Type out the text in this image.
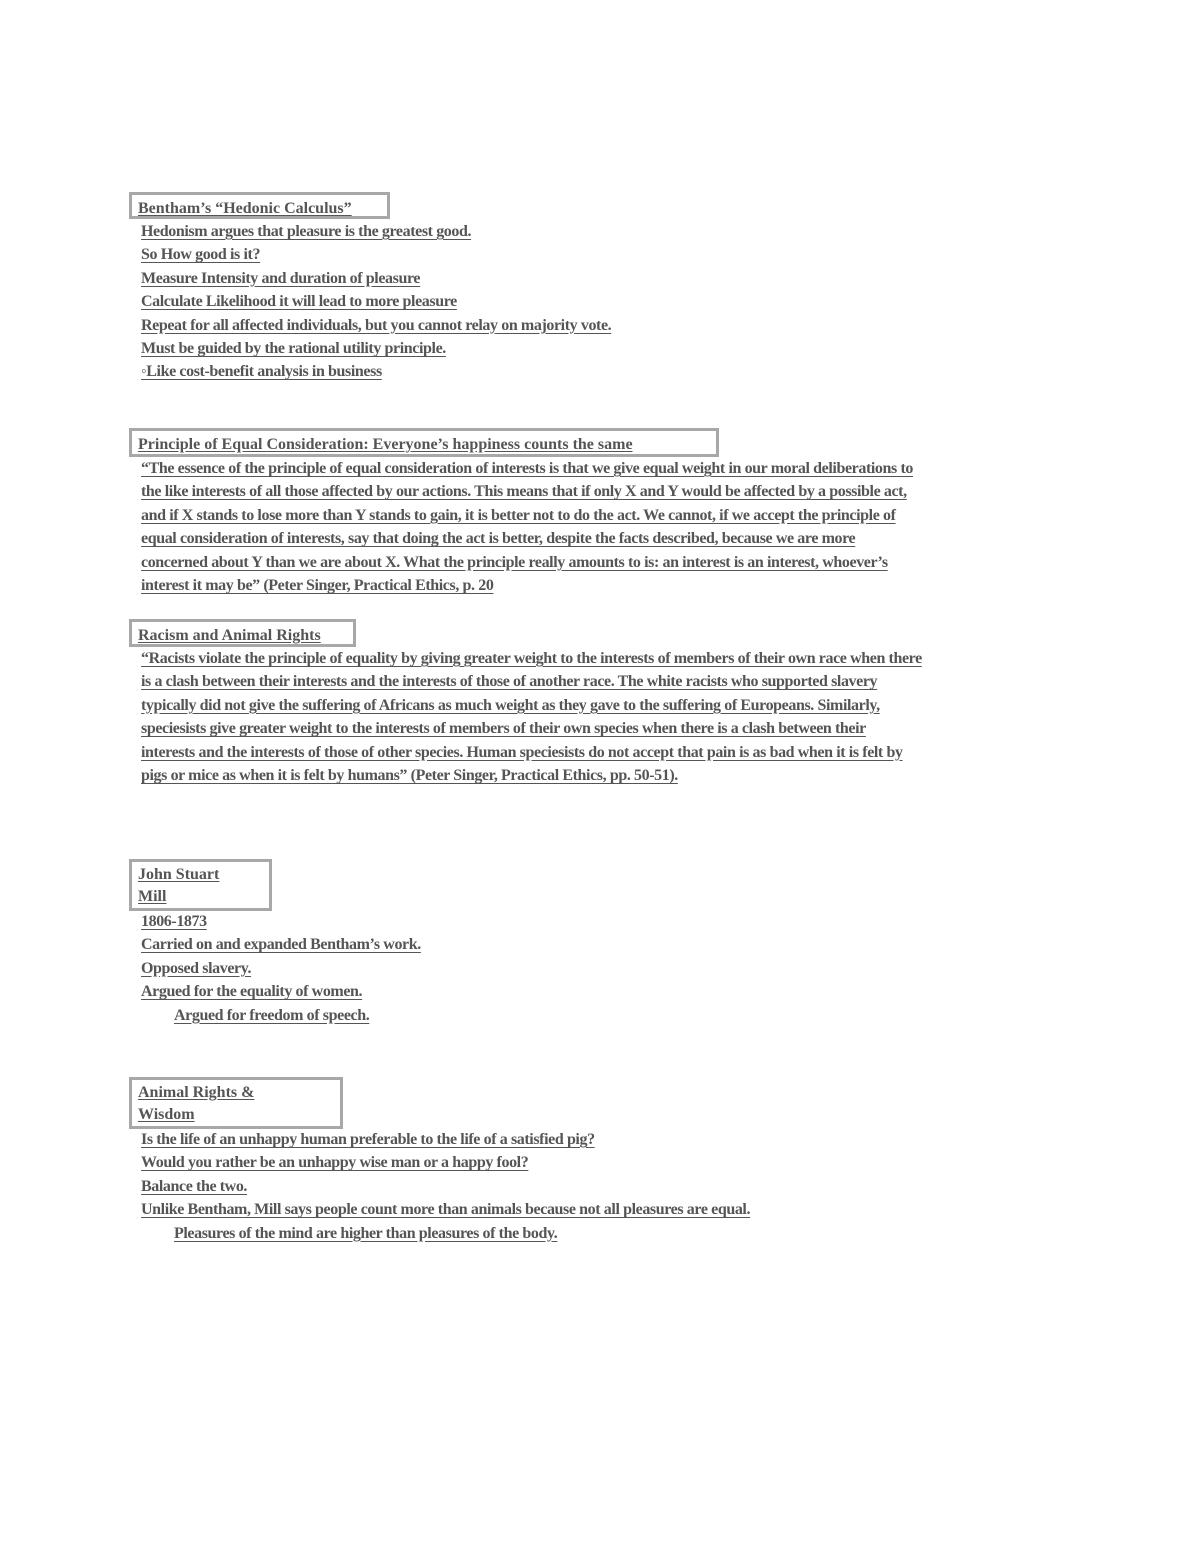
Bentham’s “Hedonic Calculus”
Hedonism argues that pleasure is the greatest good.
So How good is it?
Measure Intensity and duration of pleasure
Calculate Likelihood it will lead to more pleasure
Repeat for all affected individuals, but you cannot relay on majority vote.
Must be guided by the rational utility principle.
◦Like cost-benefit analysis in business
Principle of Equal Consideration: Everyone’s happiness counts the same
“The essence of the principle of equal consideration of interests is that we give equal weight in our moral deliberations to
the like interests of all those affected by our actions. This means that if only X and Y would be affected by a possible act,
and if X stands to lose more than Y stands to gain, it is better not to do the act. We cannot, if we accept the principle of
equal consideration of interests, say that doing the act is better, despite the facts described, because we are more
concerned about Y than we are about X. What the principle really amounts to is: an interest is an interest, whoever’s
interest it may be” (Peter Singer, Practical Ethics, p. 20
Racism and Animal Rights
“Racists violate the principle of equality by giving greater weight to the interests of members of their own race when there
is a clash between their interests and the interests of those of another race. The white racists who supported slavery
typically did not give the suffering of Africans as much weight as they gave to the suffering of Europeans. Similarly,
speciesists give greater weight to the interests of members of their own species when there is a clash between their
interests and the interests of those of other species. Human speciesists do not accept that pain is as bad when it is felt by
pigs or mice as when it is felt by humans” (Peter Singer, Practical Ethics, pp. 50-51).
John Stuart
Mill
1806-1873
Carried on and expanded Bentham’s work.
Opposed slavery.
Argued for the equality of women.
Argued for freedom of speech.
Animal Rights &
Wisdom
Is the life of an unhappy human preferable to the life of a satisfied pig?
Would you rather be an unhappy wise man or a happy fool?
Balance the two.
Unlike Bentham, Mill says people count more than animals because not all pleasures are equal.
Pleasures of the mind are higher than pleasures of the body.
